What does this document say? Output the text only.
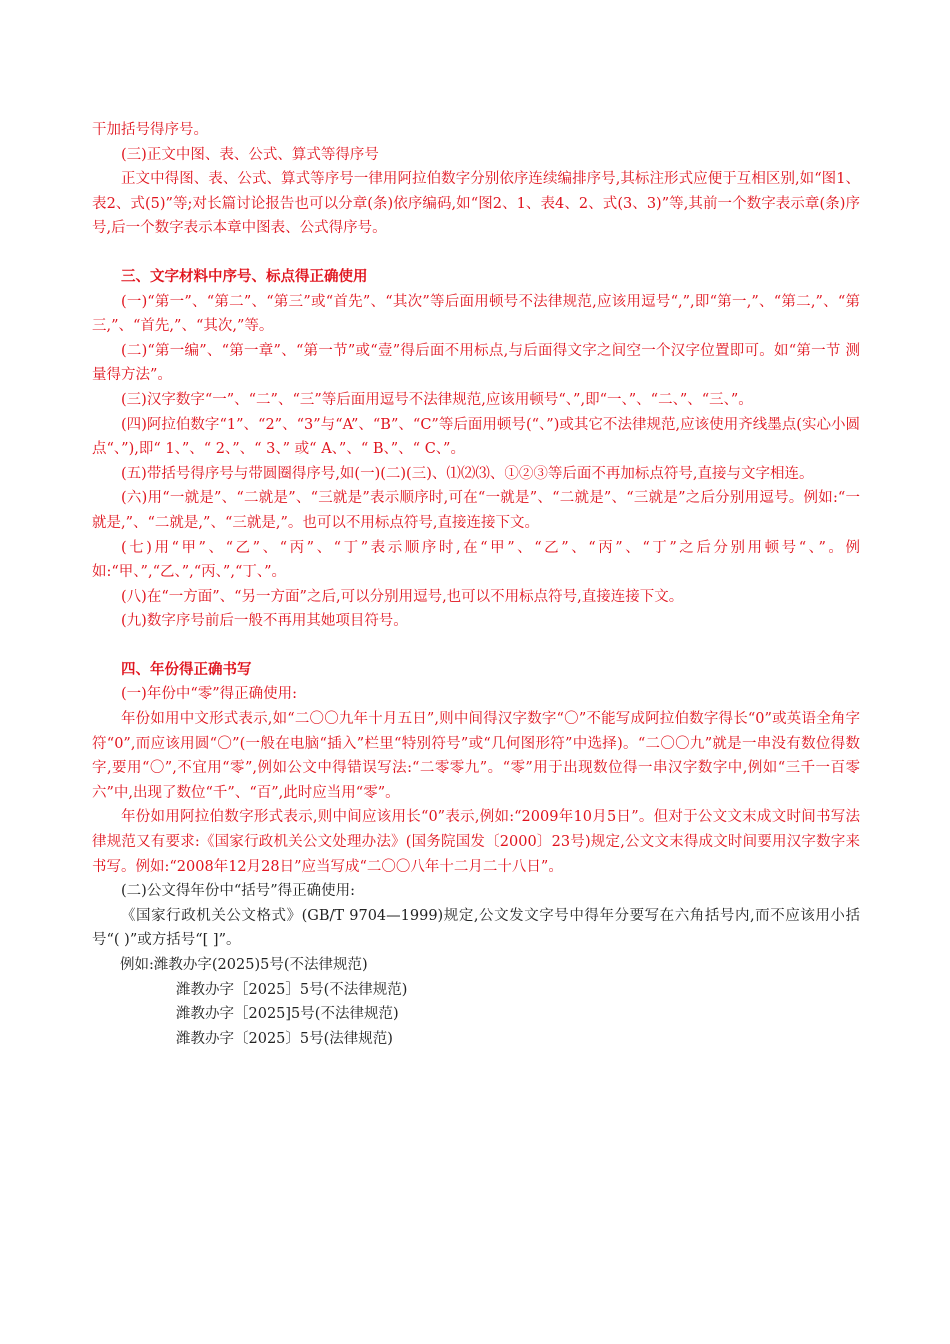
干加括号得序号。

(三)正文中图、表、公式、算式等得序号

正文中得图、表、公式、算式等序号一律用阿拉伯数字分别依序连续编排序号,其标注形式应便于互相区别,如“图1、表2、式(5)”等;对长篇讨论报告也可以分章(条)依序编码,如“图2、1、表4、2、式(3、3)”等,其前一个数字表示章(条)序号,后一个数字表示本章中图表、公式得序号。

三、文字材料中序号、标点得正确使用

(一)“第一”、“第二”、“第三”或“首先”、“其次”等后面用顿号不法律规范,应该用逗号“,”,即“第一,”、“第二,”、“第三,”、“首先,”、“其次,”等。

(二)“第一编”、“第一章”、“第一节”或“壹”得后面不用标点,与后面得文字之间空一个汉字位置即可。如“第一节 测量得方法”。

(三)汉字数字“一”、“二”、“三”等后面用逗号不法律规范,应该用顿号“、”,即“一、”、“二、”、“三、”。

(四)阿拉伯数字“1”、“2”、“3”与“A”、“B”、“C”等后面用顿号(“、”)或其它不法律规范,应该使用齐线墨点(实心小圆点“、”),即“ 1、”、“ 2、”、“ 3、” 或“ A、”、“ B、”、“ C、”。

(五)带括号得序号与带圆圈得序号,如(一)(二)(三)、⑴⑵⑶、①②③等后面不再加标点符号,直接与文字相连。

(六)用“一就是”、“二就是”、“三就是”表示顺序时,可在“一就是”、“二就是”、“三就是”之后分别用逗号。例如:“一就是,”、“二就是,”、“三就是,”。也可以不用标点符号,直接连接下文。

(七)用“甲”、“乙”、“丙”、“丁”表示顺序时,在“甲”、“乙”、“丙”、“丁”之后分别用顿号“、”。例如:“甲、”,“乙、”,“丙、”,“丁、”。

(八)在“一方面”、“另一方面”之后,可以分别用逗号,也可以不用标点符号,直接连接下文。

(九)数字序号前后一般不再用其她项目符号。

四、年份得正确书写

(一)年份中“零”得正确使用:

年份如用中文形式表示,如“二〇〇九年十月五日”,则中间得汉字数字“〇”不能写成阿拉伯数字得长“0”或英语全角字符“0”,而应该用圆“〇”(一般在电脑“插入”栏里“特别符号”或“几何图形符”中选择)。“二〇〇九”就是一串没有数位得数字,要用“〇”,不宜用“零”,例如公文中得错误写法:“二零零九”。“零”用于出现数位得一串汉字数字中,例如“三千一百零六”中,出现了数位“千”、“百”,此时应当用“零”。

年份如用阿拉伯数字形式表示,则中间应该用长“0”表示,例如:“2009年10月5日”。但对于公文文末成文时间书写法律规范又有要求:《国家行政机关公文处理办法》(国务院国发〔2000〕23号)规定,公文文末得成文时间要用汉字数字来书写。例如:“2008年12月28日”应当写成“二〇〇八年十二月二十八日”。

(二)公文得年份中“括号”得正确使用:

《国家行政机关公文格式》(GB/T 9704—1999)规定,公文发文字号中得年分要写在六角括号内,而不应该用小括号“( )”或方括号“[ ]”。

例如:潍教办字(2025)5号(不法律规范)

潍教办字［2025］5号(不法律规范)

潍教办字［2025]5号(不法律规范)

潍教办字〔2025〕5号(法律规范)
